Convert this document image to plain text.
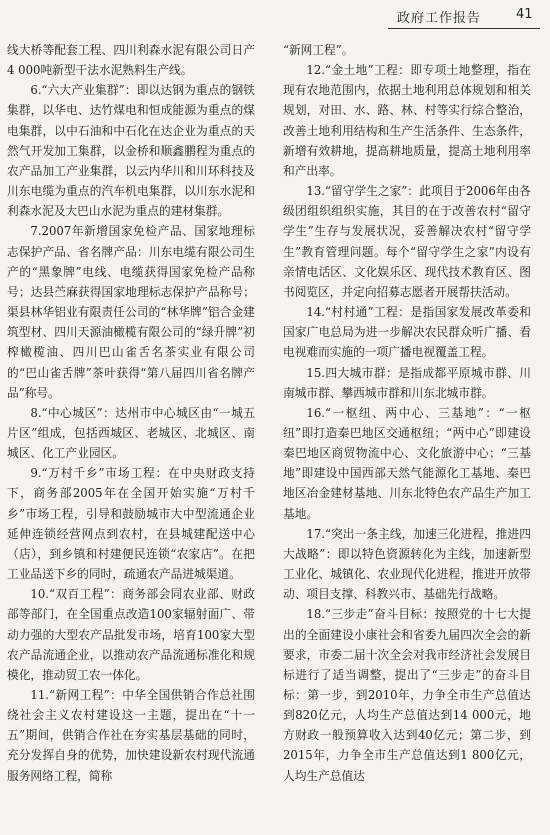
政府工作报告	41

线大桥等配套工程、四川利森水泥有限公司日产4 000吨新型干法水泥熟料生产线。

6.“六大产业集群”：即以达钢为重点的钢铁集群，以华电、达竹煤电和恒成能源为重点的煤电集群，以中石油和中石化在达企业为重点的天然气开发加工集群，以金桥和顺鑫鹏程为重点的农产品加工产业集群，以云内华川和川环科技及川东电缆为重点的汽车机电集群，以川东水泥和利森水泥及大巴山水泥为重点的建材集群。

7.2007年新增国家免检产品、国家地理标志保护产品、省名牌产品：川东电缆有限公司生产的“黑象牌”电线、电缆获得国家免检产品称号；达县苎麻获得国家地理标志保护产品称号；渠县林华铝业有限责任公司的“林华牌”铝合金建筑型材、四川天源油橄榄有限公司的“绿升牌”初榨橄榄油、四川巴山雀舌名茶实业有限公司的“巴山雀舌牌”茶叶获得“第八届四川省名牌产品”称号。

8.“中心城区”：达州市中心城区由“一城五片区”组成，包括西城区、老城区、北城区、南城区、化工产业园区。

9.“万村千乡”市场工程：在中央财政支持下，商务部2005年在全国开始实施“万村千乡”市场工程，引导和鼓励城市大中型流通企业延伸连锁经营网点到农村，在县城建配送中心（店），到乡镇和村建便民连锁“农家店”。在把工业品送下乡的同时，疏通农产品进城渠道。

10.“双百工程”：商务部会同农业部、财政部等部门，在全国重点改造100家辐射面广、带动力强的大型农产品批发市场，培育100家大型农产品流通企业，以推动农产品流通标准化和规模化，推动贸工农一体化。

11.“新网工程”：中华全国供销合作总社围绕社会主义农村建设这一主题，提出在“十一五”期间，供销合作社在夯实基层基础的同时，充分发挥自身的优势，加快建设新农村现代流通服务网络工程，简称

“新网工程”。

12.“金土地”工程：即专项土地整理，指在现有农地范围内，依据土地利用总体规划和相关规划，对田、水、路、林、村等实行综合整治，改善土地利用结构和生产生活条件、生态条件，新增有效耕地，提高耕地质量，提高土地利用率和产出率。

13.“留守学生之家”：此项目于2006年由各级团组织组织实施，其目的在于改善农村“留守学生”生存与发展状况，妥善解决农村“留守学生”教育管理问题。每个“留守学生之家”内设有亲情电话区、文化娱乐区、现代技术教育区、图书阅览区，并定向招募志愿者开展帮扶活动。

14.“村村通”工程：是指国家发展改革委和国家广电总局为进一步解决农民群众听广播、看电视难而实施的一项广播电视覆盖工程。

15.四大城市群：是指成都平原城市群、川南城市群、攀西城市群和川东北城市群。

16.“一枢纽、两中心、三基地”：“一枢纽”即打造秦巴地区交通枢纽；“两中心”即建设秦巴地区商贸物流中心、文化旅游中心；“三基地”即建设中国西部天然气能源化工基地、秦巴地区冶金建材基地、川东北特色农产品生产加工基地。

17.“突出一条主线，加速三化进程，推进四大战略”：即以特色资源转化为主线，加速新型工业化、城镇化、农业现代化进程，推进开放带动、项目支撑、科教兴市、基础先行战略。

18.“三步走”奋斗目标：按照党的十七大提出的全面建设小康社会和省委九届四次全会的新要求，市委二届十次全会对我市经济社会发展目标进行了适当调整，提出了“三步走”的奋斗目标：第一步，到2010年，力争全市生产总值达到820亿元，人均生产总值达到14 000元，地方财政一般预算收入达到40亿元；第二步，到2015年，力争全市生产总值达到1 800亿元，人均生产总值达
